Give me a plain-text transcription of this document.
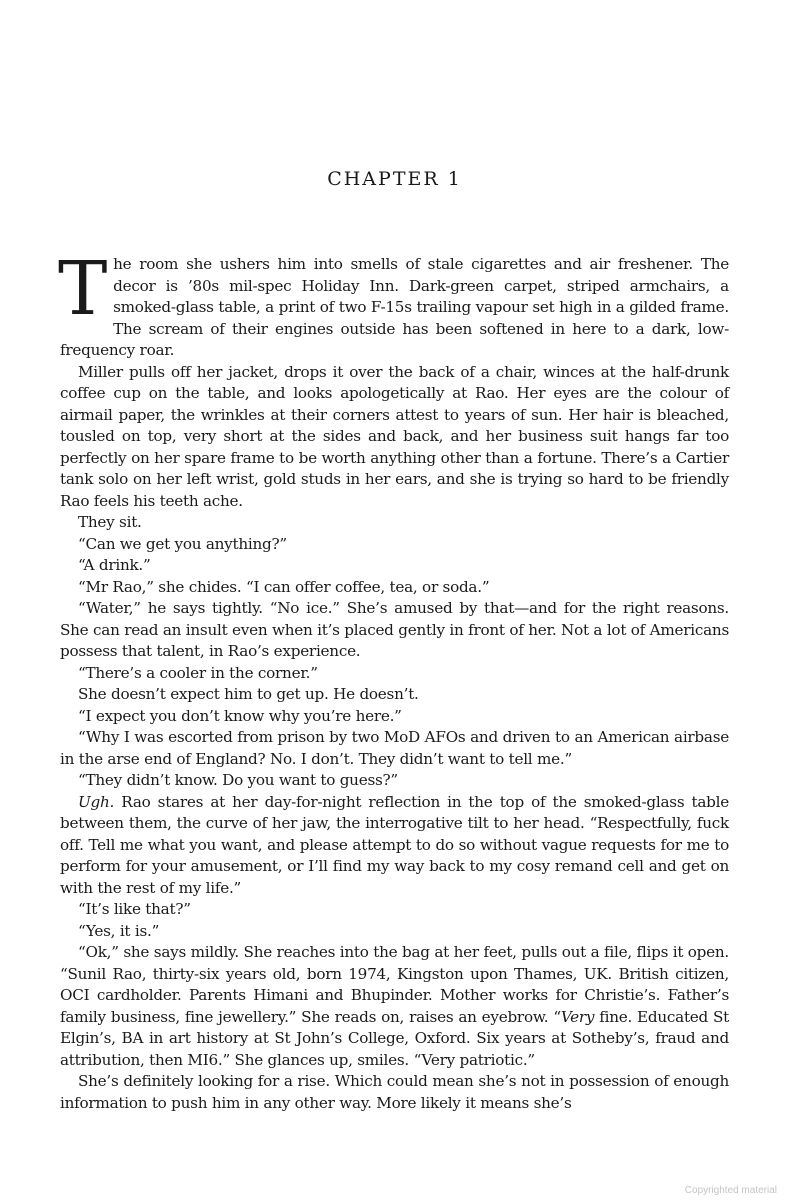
CHAPTER 1

The room she ushers him into smells of stale cigarettes and air freshener. The decor is ’80s mil-spec Holiday Inn. Dark-green carpet, striped armchairs, a smoked-glass table, a print of two F-15s trailing vapour set high in a gilded frame. The scream of their engines outside has been softened in here to a dark, low-frequency roar.

Miller pulls off her jacket, drops it over the back of a chair, winces at the half-drunk coffee cup on the table, and looks apologetically at Rao. Her eyes are the colour of airmail paper, the wrinkles at their corners attest to years of sun. Her hair is bleached, tousled on top, very short at the sides and back, and her business suit hangs far too perfectly on her spare frame to be worth anything other than a fortune. There’s a Cartier tank solo on her left wrist, gold studs in her ears, and she is trying so hard to be friendly Rao feels his teeth ache.

They sit.

“Can we get you anything?”

“A drink.”

“Mr Rao,” she chides. “I can offer coffee, tea, or soda.”

“Water,” he says tightly. “No ice.” She’s amused by that—and for the right reasons. She can read an insult even when it’s placed gently in front of her. Not a lot of Americans possess that talent, in Rao’s experience.

“There’s a cooler in the corner.”

She doesn’t expect him to get up. He doesn’t.

“I expect you don’t know why you’re here.”

“Why I was escorted from prison by two MoD AFOs and driven to an American airbase in the arse end of England? No. I don’t. They didn’t want to tell me.”

“They didn’t know. Do you want to guess?”

Ugh. Rao stares at her day-for-night reflection in the top of the smoked-glass table between them, the curve of her jaw, the interrogative tilt to her head. “Respectfully, fuck off. Tell me what you want, and please attempt to do so without vague requests for me to perform for your amusement, or I’ll find my way back to my cosy remand cell and get on with the rest of my life.”

“It’s like that?”

“Yes, it is.”

“Ok,” she says mildly. She reaches into the bag at her feet, pulls out a file, flips it open. “Sunil Rao, thirty-six years old, born 1974, Kingston upon Thames, UK. British citizen, OCI cardholder. Parents Himani and Bhupinder. Mother works for Christie’s. Father’s family business, fine jewellery.” She reads on, raises an eyebrow. “Very fine. Educated St Elgin’s, BA in art history at St John’s College, Oxford. Six years at Sotheby’s, fraud and attribution, then MI6.” She glances up, smiles. “Very patriotic.”

She’s definitely looking for a rise. Which could mean she’s not in possession of enough information to push him in any other way. More likely it means she’s

Copyrighted material
